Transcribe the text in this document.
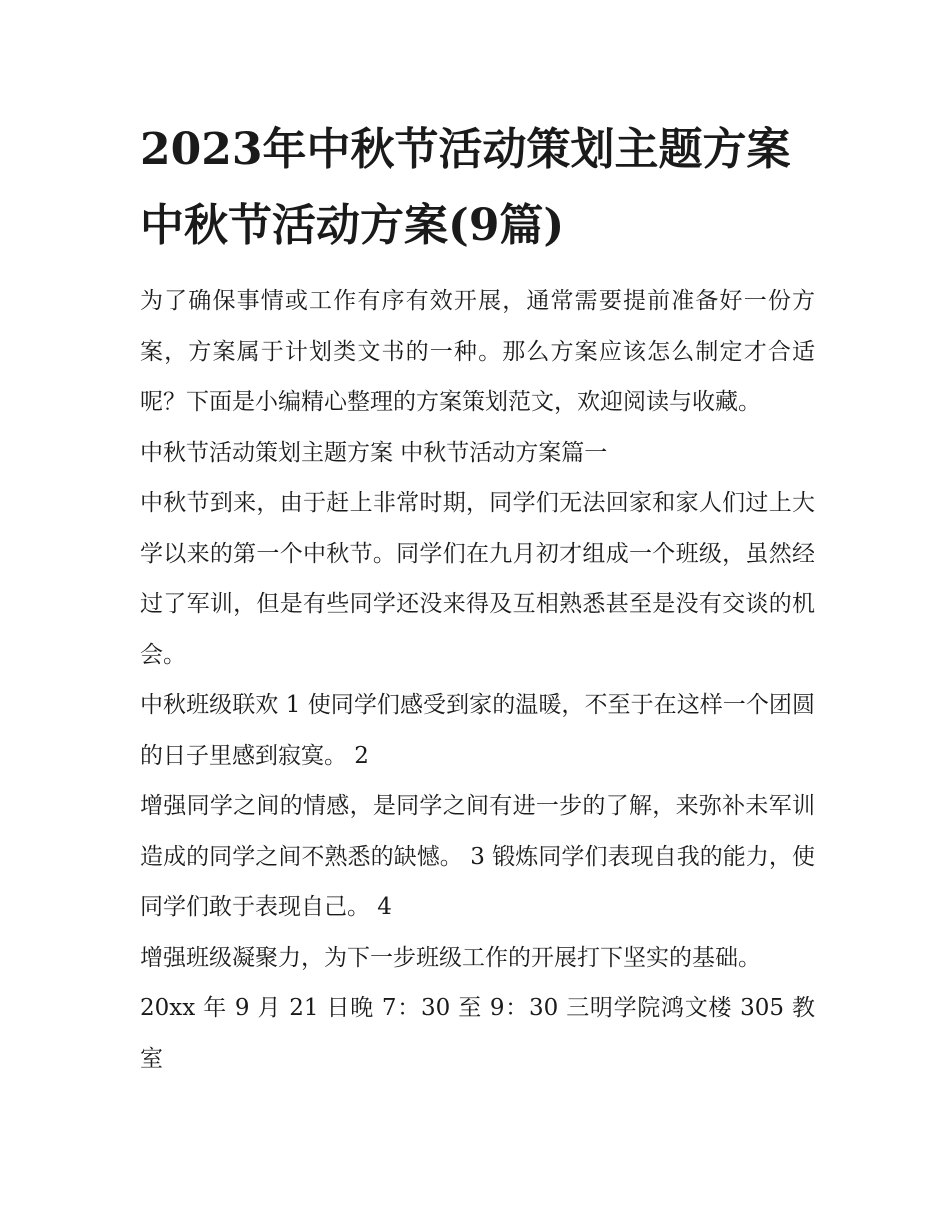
2023年中秋节活动策划主题方案 中秋节活动方案(9篇)

为了确保事情或工作有序有效开展，通常需要提前准备好一份方案，方案属于计划类文书的一种。那么方案应该怎么制定才合适呢？下面是小编精心整理的方案策划范文，欢迎阅读与收藏。

中秋节活动策划主题方案 中秋节活动方案篇一

中秋节到来，由于赶上非常时期，同学们无法回家和家人们过上大学以来的第一个中秋节。同学们在九月初才组成一个班级，虽然经过了军训，但是有些同学还没来得及互相熟悉甚至是没有交谈的机会。

中秋班级联欢 1 使同学们感受到家的温暖，不至于在这样一个团圆的日子里感到寂寞。 2

增强同学之间的情感，是同学之间有进一步的了解，来弥补未军训造成的同学之间不熟悉的缺憾。 3 锻炼同学们表现自我的能力，使同学们敢于表现自己。 4

增强班级凝聚力，为下一步班级工作的开展打下坚实的基础。

20xx 年 9 月 21 日晚 7：30 至 9：30 三明学院鸿文楼 305 教室
